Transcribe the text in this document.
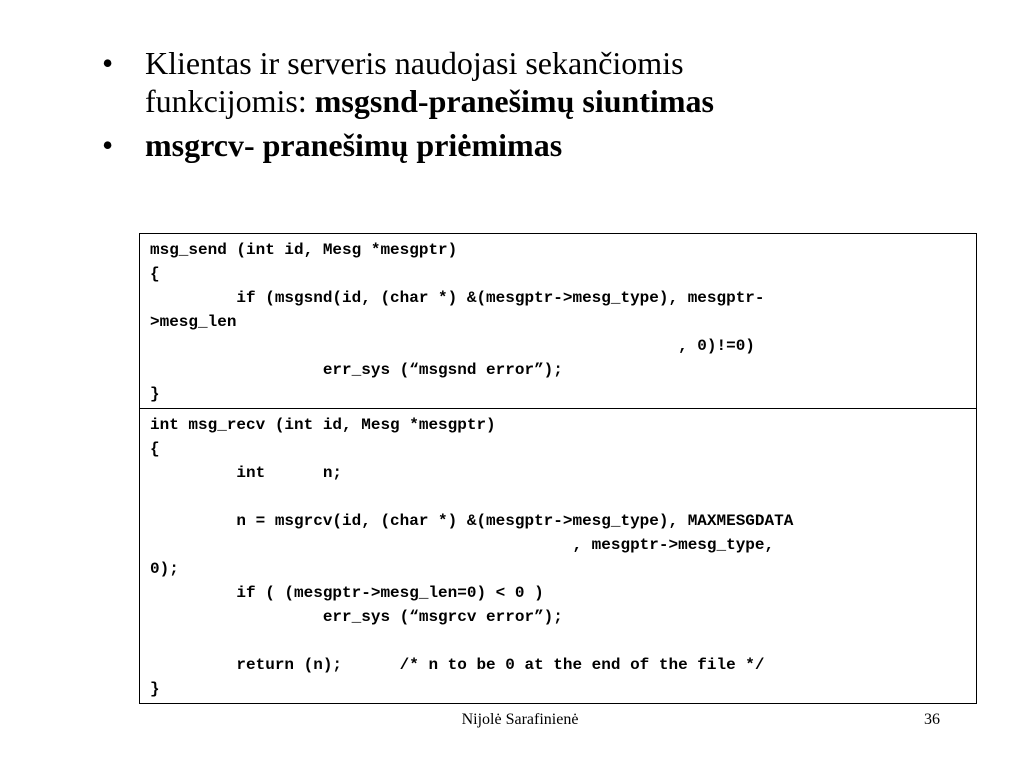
• Klientas ir serveris naudojasi sekančiomis
funkcijomis: msgsnd-pranešimų siuntimas
• msgrcv- pranešimų priėmimas
msg_send (int id, Mesg *mesgptr)
{
if (msgsnd(id, (char *) &(mesgptr->mesg_type), mesgptr-
>mesg_len
, 0)!=0)
err_sys (“msgsnd error”);
}
int msg_recv (int id, Mesg *mesgptr)
{
int      n;
n = msgrcv(id, (char *) &(mesgptr->mesg_type), MAXMESGDATA
, mesgptr->mesg_type,
0);
if ( (mesgptr->mesg_len=0) < 0 )
err_sys (“msgrcv error”);
return (n);      /* n to be 0 at the end of the file */
}
Nijolė Sarafinienė	36
